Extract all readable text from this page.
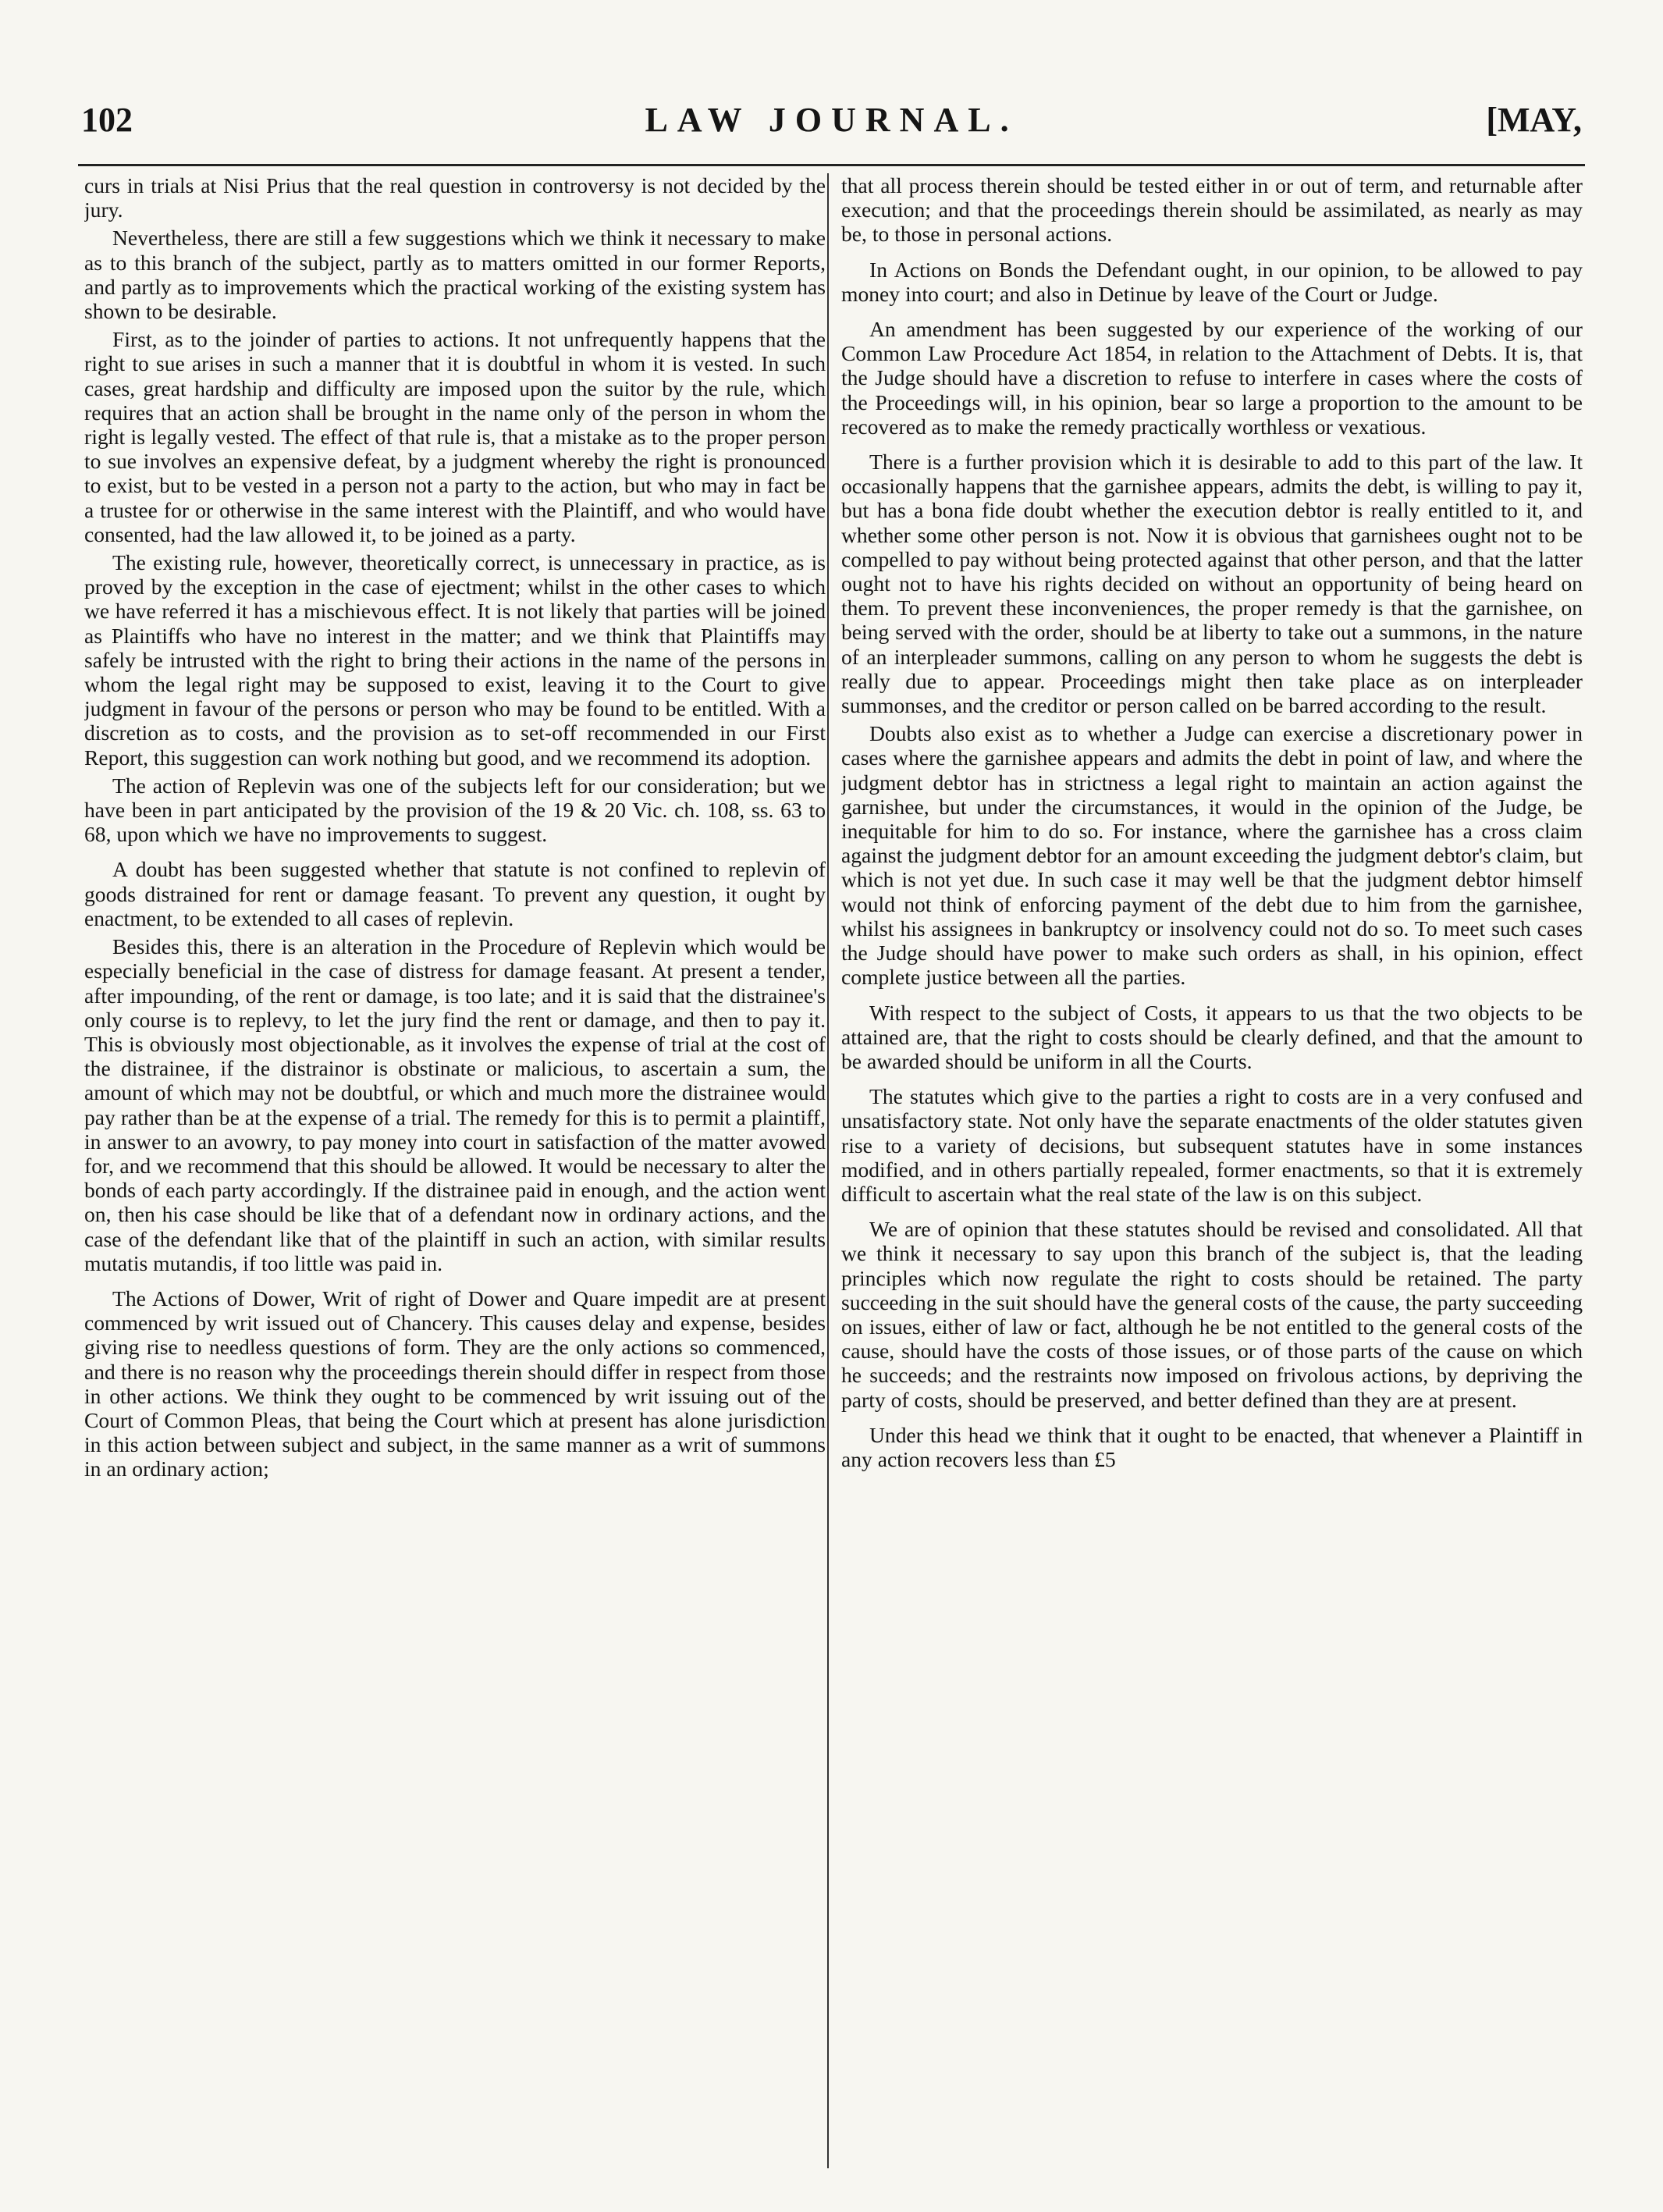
102	LAW JOURNAL.	[MAY,

curs in trials at Nisi Prius that the real question in controversy is not decided by the jury.

Nevertheless, there are still a few suggestions which we think it necessary to make as to this branch of the subject, partly as to matters omitted in our former Reports, and partly as to improvements which the practical working of the existing system has shown to be desirable.

First, as to the joinder of parties to actions. It not unfrequently happens that the right to sue arises in such a manner that it is doubtful in whom it is vested. In such cases, great hardship and difficulty are imposed upon the suitor by the rule, which requires that an action shall be brought in the name only of the person in whom the right is legally vested. The effect of that rule is, that a mistake as to the proper person to sue involves an expensive defeat, by a judgment whereby the right is pronounced to exist, but to be vested in a person not a party to the action, but who may in fact be a trustee for or otherwise in the same interest with the Plaintiff, and who would have consented, had the law allowed it, to be joined as a party.

The existing rule, however, theoretically correct, is unnecessary in practice, as is proved by the exception in the case of ejectment; whilst in the other cases to which we have referred it has a mischievous effect. It is not likely that parties will be joined as Plaintiffs who have no interest in the matter; and we think that Plaintiffs may safely be intrusted with the right to bring their actions in the name of the persons in whom the legal right may be supposed to exist, leaving it to the Court to give judgment in favour of the persons or person who may be found to be entitled. With a discretion as to costs, and the provision as to set-off recommended in our First Report, this suggestion can work nothing but good, and we recommend its adoption.

The action of Replevin was one of the subjects left for our consideration; but we have been in part anticipated by the provision of the 19 & 20 Vic. ch. 108, ss. 63 to 68, upon which we have no improvements to suggest.

A doubt has been suggested whether that statute is not confined to replevin of goods distrained for rent or damage feasant. To prevent any question, it ought by enactment, to be extended to all cases of replevin.

Besides this, there is an alteration in the Procedure of Replevin which would be especially beneficial in the case of distress for damage feasant. At present a tender, after impounding, of the rent or damage, is too late; and it is said that the distrainee's only course is to replevy, to let the jury find the rent or damage, and then to pay it. This is obviously most objectionable, as it involves the expense of trial at the cost of the distrainee, if the distrainor is obstinate or malicious, to ascertain a sum, the amount of which may not be doubtful, or which and much more the distrainee would pay rather than be at the expense of a trial. The remedy for this is to permit a plaintiff, in answer to an avowry, to pay money into court in satisfaction of the matter avowed for, and we recommend that this should be allowed. It would be necessary to alter the bonds of each party accordingly. If the distrainee paid in enough, and the action went on, then his case should be like that of a defendant now in ordinary actions, and the case of the defendant like that of the plaintiff in such an action, with similar results mutatis mutandis, if too little was paid in.

The Actions of Dower, Writ of right of Dower and Quare impedit are at present commenced by writ issued out of Chancery. This causes delay and expense, besides giving rise to needless questions of form. They are the only actions so commenced, and there is no reason why the proceedings therein should differ in respect from those in other actions. We think they ought to be commenced by writ issuing out of the Court of Common Pleas, that being the Court which at present has alone jurisdiction in this action between subject and subject, in the same manner as a writ of summons in an ordinary action;

that all process therein should be tested either in or out of term, and returnable after execution; and that the proceedings therein should be assimilated, as nearly as may be, to those in personal actions.

In Actions on Bonds the Defendant ought, in our opinion, to be allowed to pay money into court; and also in Detinue by leave of the Court or Judge.

An amendment has been suggested by our experience of the working of our Common Law Procedure Act 1854, in relation to the Attachment of Debts. It is, that the Judge should have a discretion to refuse to interfere in cases where the costs of the Proceedings will, in his opinion, bear so large a proportion to the amount to be recovered as to make the remedy practically worthless or vexatious.

There is a further provision which it is desirable to add to this part of the law. It occasionally happens that the garnishee appears, admits the debt, is willing to pay it, but has a bona fide doubt whether the execution debtor is really entitled to it, and whether some other person is not. Now it is obvious that garnishees ought not to be compelled to pay without being protected against that other person, and that the latter ought not to have his rights decided on without an opportunity of being heard on them. To prevent these inconveniences, the proper remedy is that the garnishee, on being served with the order, should be at liberty to take out a summons, in the nature of an interpleader summons, calling on any person to whom he suggests the debt is really due to appear. Proceedings might then take place as on interpleader summonses, and the creditor or person called on be barred according to the result.

Doubts also exist as to whether a Judge can exercise a discretionary power in cases where the garnishee appears and admits the debt in point of law, and where the judgment debtor has in strictness a legal right to maintain an action against the garnishee, but under the circumstances, it would in the opinion of the Judge, be inequitable for him to do so. For instance, where the garnishee has a cross claim against the judgment debtor for an amount exceeding the judgment debtor's claim, but which is not yet due. In such case it may well be that the judgment debtor himself would not think of enforcing payment of the debt due to him from the garnishee, whilst his assignees in bankruptcy or insolvency could not do so. To meet such cases the Judge should have power to make such orders as shall, in his opinion, effect complete justice between all the parties.

With respect to the subject of Costs, it appears to us that the two objects to be attained are, that the right to costs should be clearly defined, and that the amount to be awarded should be uniform in all the Courts.

The statutes which give to the parties a right to costs are in a very confused and unsatisfactory state. Not only have the separate enactments of the older statutes given rise to a variety of decisions, but subsequent statutes have in some instances modified, and in others partially repealed, former enactments, so that it is extremely difficult to ascertain what the real state of the law is on this subject.

We are of opinion that these statutes should be revised and consolidated. All that we think it necessary to say upon this branch of the subject is, that the leading principles which now regulate the right to costs should be retained. The party succeeding in the suit should have the general costs of the cause, the party succeeding on issues, either of law or fact, although he be not entitled to the general costs of the cause, should have the costs of those issues, or of those parts of the cause on which he succeeds; and the restraints now imposed on frivolous actions, by depriving the party of costs, should be preserved, and better defined than they are at present.

Under this head we think that it ought to be enacted, that whenever a Plaintiff in any action recovers less than £5
